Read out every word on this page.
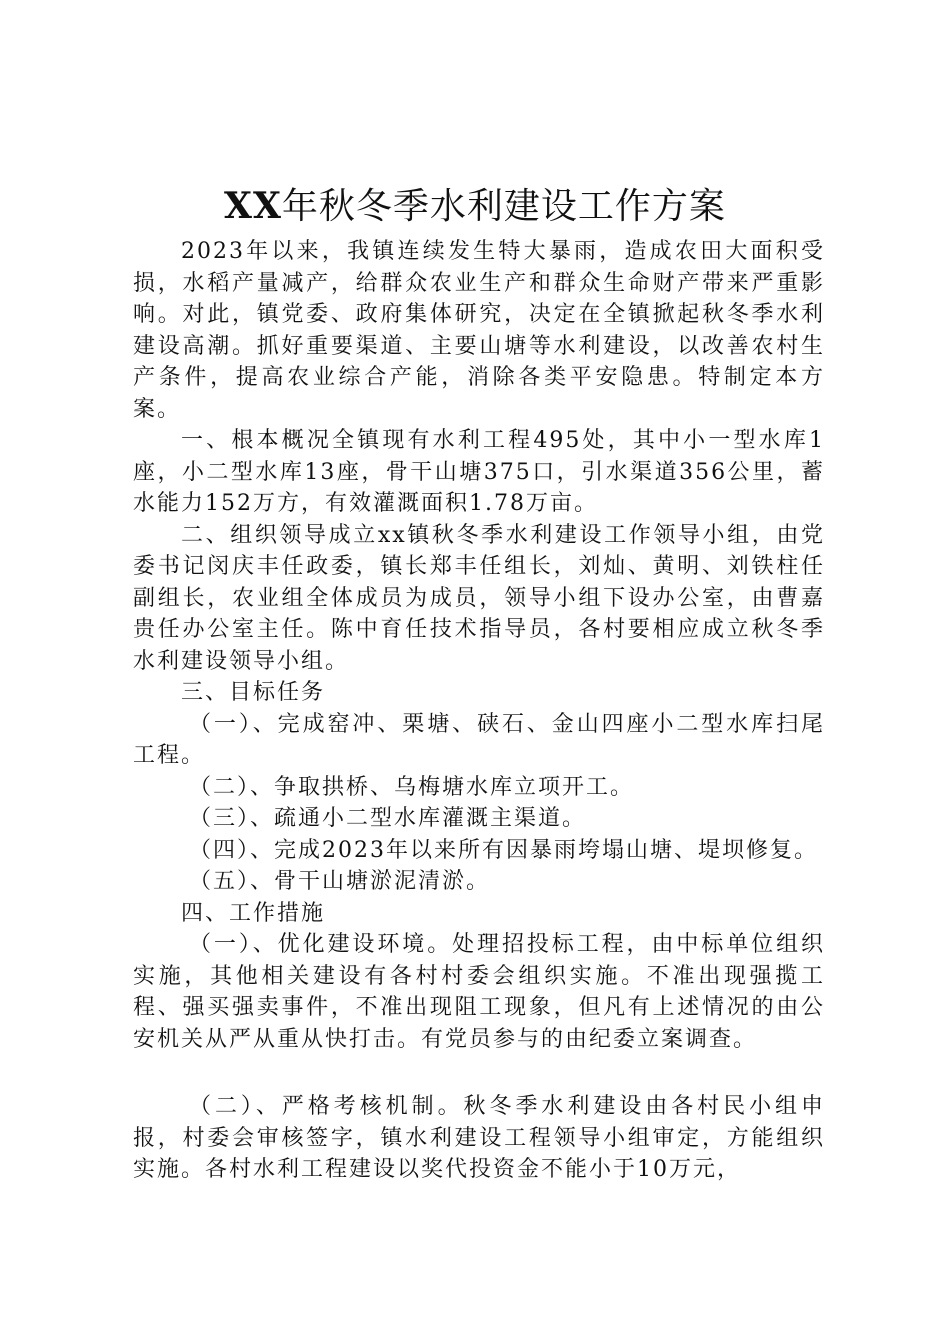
XX年秋冬季水利建设工作方案

2023年以来，我镇连续发生特大暴雨，造成农田大面积受损，水稻产量减产，给群众农业生产和群众生命财产带来严重影响。对此，镇党委、政府集体研究，决定在全镇掀起秋冬季水利建设高潮。抓好重要渠道、主要山塘等水利建设，以改善农村生产条件，提高农业综合产能，消除各类平安隐患。特制定本方案。

一、根本概况全镇现有水利工程495处，其中小一型水库1座，小二型水库13座，骨干山塘375口，引水渠道356公里，蓄水能力152万方，有效灌溉面积1.78万亩。

二、组织领导成立xx镇秋冬季水利建设工作领导小组，由党委书记闵庆丰任政委，镇长郑丰任组长，刘灿、黄明、刘铁柱任副组长，农业组全体成员为成员，领导小组下设办公室，由曹嘉贵任办公室主任。陈中育任技术指导员，各村要相应成立秋冬季水利建设领导小组。

三、目标任务

（一）、完成窑冲、栗塘、硖石、金山四座小二型水库扫尾工程。

（二）、争取拱桥、乌梅塘水库立项开工。

（三）、疏通小二型水库灌溉主渠道。

（四）、完成2023年以来所有因暴雨垮塌山塘、堤坝修复。

（五）、骨干山塘淤泥清淤。

四、工作措施

（一）、优化建设环境。处理招投标工程，由中标单位组织实施，其他相关建设有各村村委会组织实施。不准出现强揽工程、强买强卖事件，不准出现阻工现象，但凡有上述情况的由公安机关从严从重从快打击。有党员参与的由纪委立案调查。

（二）、严格考核机制。秋冬季水利建设由各村民小组申报，村委会审核签字，镇水利建设工程领导小组审定，方能组织实施。各村水利工程建设以奖代投资金不能小于10万元，
